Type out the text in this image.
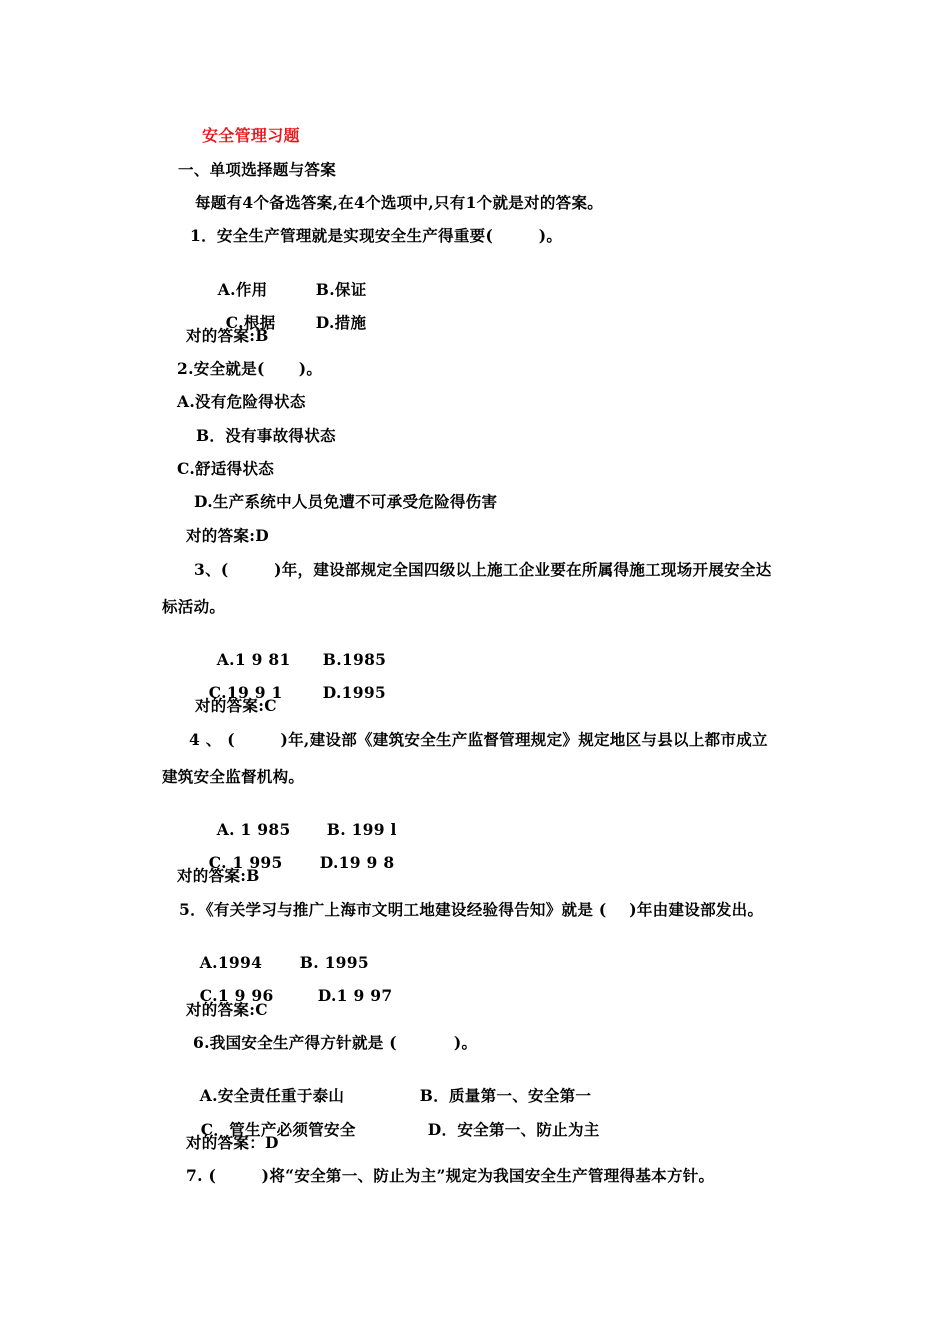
安全管理习题
一、单项选择题与答案
每题有4个备选答案,在4个选项中,只有1个就是对的答案。
1．安全生产管理就是实现安全生产得重要(        )。

A.作用	B.保证

C.根据	D.措施

对的答案:B
2.安全就是(      )。
A.没有危险得状态
B．没有事故得状态
C.舒适得状态
D.生产系统中人员免遭不可承受危险得伤害
对的答案:D
3、(        )年，建设部规定全国四级以上施工企业要在所属得施工现场开展安全达
标活动。

A.1 9 81 B.1985

C.19 9 1	D.1995

对的答案:C
4 、 (        )年,建设部《建筑安全生产监督管理规定》规定地区与县以上都市成立
建筑安全监督机构。

A. 1 985 B. 199 l

C. 1 995 D.19 9 8

对的答案:B
5．《有关学习与推广上海市文明工地建设经验得告知》就是 (    )年由建设部发出。

A.1994 B. 1995

C.1 9 96	D.1 9 97

对的答案:C
6.我国安全生产得方针就是 (          )。

A.安全责任重于泰山	B．质量第一、安全第一

C．管生产必须管安全	D．安全第一、防止为主

对的答案：D
7. (        )将“安全第一、防止为主”规定为我国安全生产管理得基本方针。
